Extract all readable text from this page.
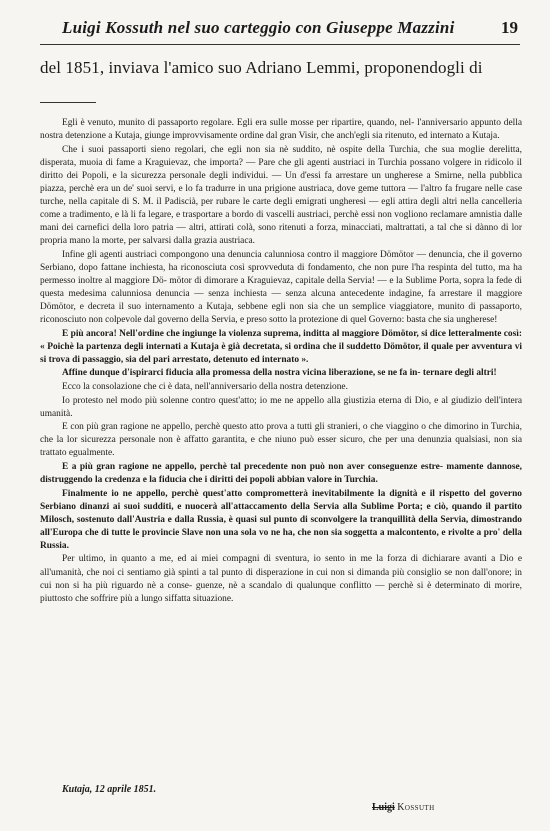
Luigi Kossuth nel suo carteggio con Giuseppe Mazzini	19
del 1851, inviava l'amico suo Adriano Lemmi, proponendogli di

Egli è venuto, munito di passaporto regolare. Egli era sulle mosse per ripartire, quando, nel- l'anniversario appunto della nostra detenzione a Kutaja, giunge improvvisamente ordine dal gran Visir, che anch'egli sia ritenuto, ed internato a Kutaja.

Che i suoi passaporti sieno regolari, che egli non sia nè suddito, nè ospite della Turchia, che sua moglie derelitta, disperata, muoia di fame a Kraguievaz, che importa? — Pare che gli agenti austriaci in Turchia possano volgere in ridicolo il diritto dei Popoli, e la sicurezza personale degli individui. — Un d'essi fa arrestare un ungherese a Smirne, nella pubblica piazza, perchè era un de' suoi servi, e lo fa tradurre in una prigione austriaca, dove geme tuttora — l'altro fa frugare nelle case turche, nella capitale di S. M. il Padiscià, per rubare le carte degli emigrati ungheresi — egli attira degli altri nella cancelleria come a tradimento, e là li fa legare, e trasportare a bordo di vascelli austriaci, perchè essi non vogliono reclamare amnistia dalle mani dei carnefici della loro patria — altri, attirati colà, sono ritenuti a forza, minacciati, maltrattati, a tal che si dànno di lor propria mano la morte, per salvarsi dalla grazia austriaca.

Infine gli agenti austriaci compongono una denuncia calunniosa contro il maggiore Dömötor — denuncia, che il governo Serbiano, dopo fattane inchiesta, ha riconosciuta così sprovveduta di fondamento, che non pure l'ha respinta del tutto, ma ha permesso inoltre al maggiore Dö- mötor di dimorare a Kraguievaz, capitale della Servia! — e la Sublime Porta, sopra la fede di questa medesima calunniosa denuncia — senza inchiesta — senza alcuna antecedente indagine, fa arrestare il maggiore Dömötor, e decreta il suo internamento a Kutaja, sebbene egli non sia che un semplice viaggiatore, munito di passaporto, riconosciuto non colpevole dal governo della Servia, e preso sotto la protezione di quel Governo: basta che sia ungherese!

E più ancora! Nell'ordine che ingiunge la violenza suprema, inditta al maggiore Dömötor, si dice letteralmente così: « Poichè la partenza degli internati a Kutaja è già decretata, si ordina che il suddetto Dömötor, il quale per avventura vi si trova di passaggio, sia del pari arrestato, detenuto ed internato ».

Affine dunque d'ispirarci fiducia alla promessa della nostra vicina liberazione, se ne fa in- ternare degli altri!

Ecco la consolazione che ci è data, nell'anniversario della nostra detenzione.

Io protesto nel modo più solenne contro quest'atto; io me ne appello alla giustizia eterna di Dio, e al giudizio dell'intera umanità.

E con più gran ragione ne appello, perchè questo atto prova a tutti gli stranieri, o che viaggino o che dimorino in Turchia, che la lor sicurezza personale non è affatto garantita, e che niuno può esser sicuro, che per una denunzia qualsiasi, non sia trattato egualmente.

E a più gran ragione ne appello, perchè tal precedente non può non aver conseguenze estre- mamente dannose, distruggendo la credenza e la fiducia che i diritti dei popoli abbian valore in Turchia.

Finalmente io ne appello, perchè quest'atto comprometterà inevitabilmente la dignità e il rispetto del governo Serbiano dinanzi ai suoi sudditi, e nuocerà all'attaccamento della Servia alla Sublime Porta; e ciò, quando il partito Milosch, sostenuto dall'Austria e dalla Russia, è quasi sul punto di sconvolgere la tranquillità della Servia, dimostrando all'Europa che di tutte le provincie Slave non una sola vo ne ha, che non sia soggetta a malcontento, e rivolte a pro' della Russia.

Per ultimo, in quanto a me, ed ai miei compagni di sventura, io sento in me la forza di dichiarare avanti a Dio e all'umanità, che noi ci sentiamo già spinti a tal punto di disperazione in cui non si dimanda più consiglio se non dall'onore; in cui non si ha più riguardo nè a conse- guenze, nè a scandalo di qualunque conflitto — perchè si è determinato di morire, piuttosto che soffrire più a lungo siffatta situazione.

Kutaja, 12 aprile 1851.
Luigi Kossuth
